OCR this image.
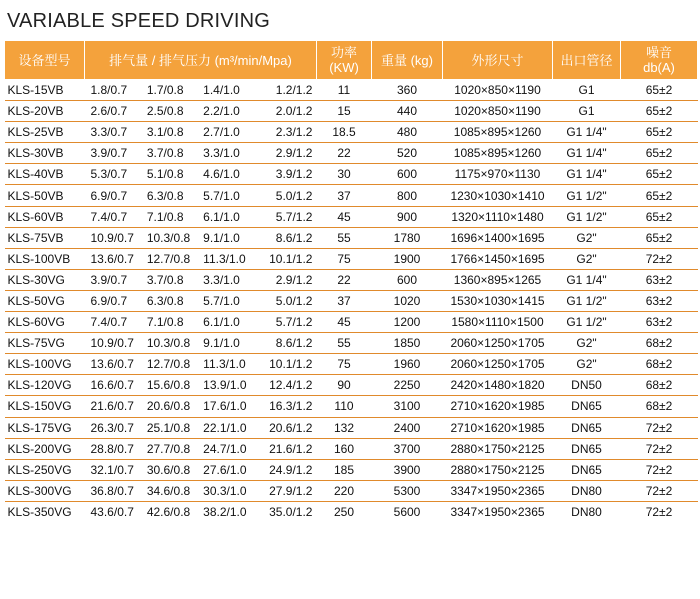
VARIABLE SPEED DRIVING
设备型号	排气量 / 排气压力 (m³/min/Mpa)	功率 (KW)	重量 (kg)	外形尺寸	出口管径	噪音
db(A)

KLS-15VB	1.8/0.7 1.7/0.8 1.4/1.0 1.2/1.2	11	360	1020×850×1190	G1	65±2
KLS-20VB	2.6/0.7 2.5/0.8 2.2/1.0 2.0/1.2	15	440	1020×850×1190	G1	65±2
KLS-25VB	3.3/0.7 3.1/0.8 2.7/1.0 2.3/1.2	18.5	480	1085×895×1260	G1 1/4"	65±2
KLS-30VB	3.9/0.7 3.7/0.8 3.3/1.0 2.9/1.2	22	520	1085×895×1260	G1 1/4"	65±2
KLS-40VB	5.3/0.7 5.1/0.8 4.6/1.0 3.9/1.2	30	600	1175×970×1130	G1 1/4"	65±2
KLS-50VB	6.9/0.7 6.3/0.8 5.7/1.0 5.0/1.2	37	800	1230×1030×1410	G1 1/2"	65±2
KLS-60VB	7.4/0.7 7.1/0.8 6.1/1.0 5.7/1.2	45	900	1320×1110×1480	G1 1/2"	65±2
KLS-75VB	10.9/0.7 10.3/0.8 9.1/1.0 8.6/1.2	55	1780	1696×1400×1695	G2"	65±2
KLS-100VB	13.6/0.7 12.7/0.8 11.3/1.0 10.1/1.2	75	1900	1766×1450×1695	G2"	72±2
KLS-30VG	3.9/0.7 3.7/0.8 3.3/1.0 2.9/1.2	22	600	1360×895×1265	G1 1/4"	63±2
KLS-50VG	6.9/0.7 6.3/0.8 5.7/1.0 5.0/1.2	37	1020	1530×1030×1415	G1 1/2"	63±2
KLS-60VG	7.4/0.7 7.1/0.8 6.1/1.0 5.7/1.2	45	1200	1580×1110×1500	G1 1/2"	63±2
KLS-75VG	10.9/0.7 10.3/0.8 9.1/1.0 8.6/1.2	55	1850	2060×1250×1705	G2"	68±2
KLS-100VG	13.6/0.7 12.7/0.8 11.3/1.0 10.1/1.2	75	1960	2060×1250×1705	G2"	68±2
KLS-120VG	16.6/0.7 15.6/0.8 13.9/1.0 12.4/1.2	90	2250	2420×1480×1820	DN50	68±2
KLS-150VG	21.6/0.7 20.6/0.8 17.6/1.0 16.3/1.2	110	3100	2710×1620×1985	DN65	68±2
KLS-175VG	26.3/0.7 25.1/0.8 22.1/1.0 20.6/1.2	132	2400	2710×1620×1985	DN65	72±2
KLS-200VG	28.8/0.7 27.7/0.8 24.7/1.0 21.6/1.2	160	3700	2880×1750×2125	DN65	72±2
KLS-250VG	32.1/0.7 30.6/0.8 27.6/1.0 24.9/1.2	185	3900	2880×1750×2125	DN65	72±2
KLS-300VG	36.8/0.7 34.6/0.8 30.3/1.0 27.9/1.2	220	5300	3347×1950×2365	DN80	72±2
KLS-350VG	43.6/0.7 42.6/0.8 38.2/1.0 35.0/1.2	250	5600	3347×1950×2365	DN80	72±2
